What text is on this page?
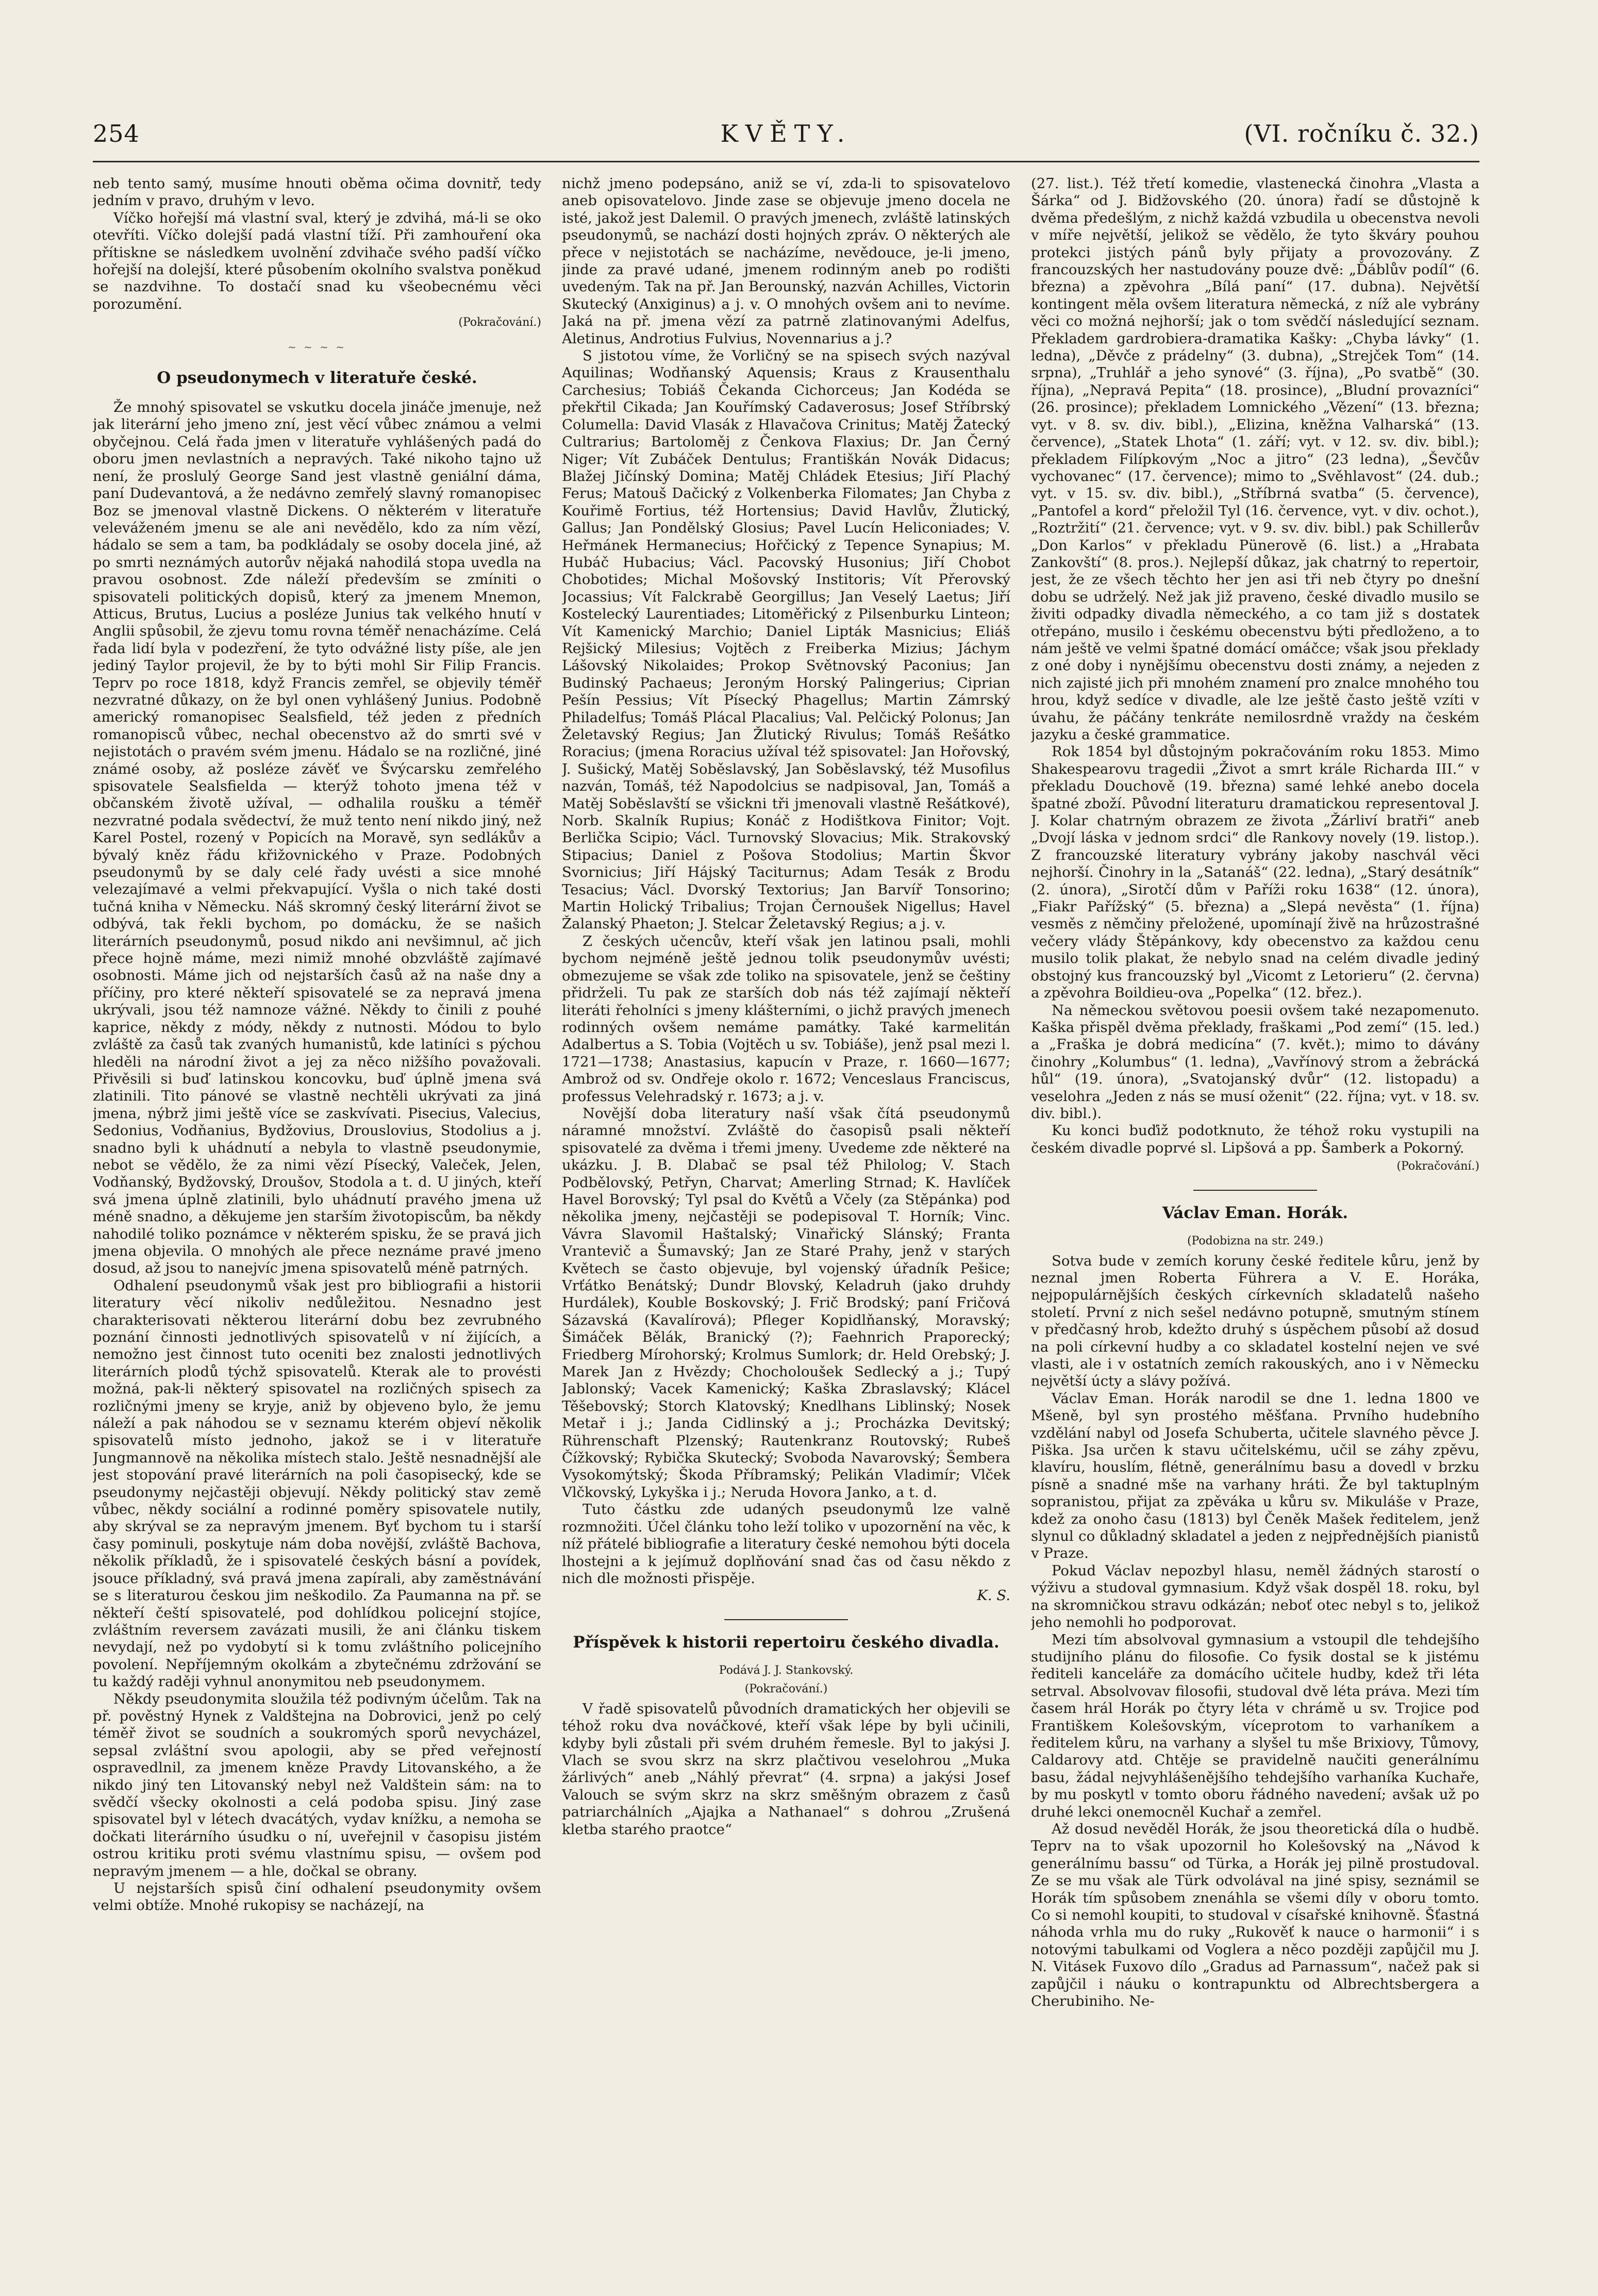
254	KVĚTY.	(VI. ročníku č. 32.)

neb tento samý, musíme hnouti oběma očima dovnitř, tedy jedním v pravo, druhým v levo.

Víčko hořejší má vlastní sval, který je zdvihá, má-li se oko otevříti. Víčko dolejší padá vlastní tíží. Při zamhouření oka přítiskne se následkem uvolnění zdvihače svého padší víčko hořejší na dolejší, které působením okolního svalstva poněkud se nazdvihne. To dostačí snad ku všeobecnému věci porozumění.

(Pokračování.)
~ ~ ~ ~
O pseudonymech v literatuře české.

Že mnohý spisovatel se vskutku docela jináče jmenuje, než jak literární jeho jmeno zní, jest věcí vůbec známou a velmi obyčejnou. Celá řada jmen v literatuře vyhlášených padá do oboru jmen nevlastních a nepravých. Také nikoho tajno už není, že proslulý George Sand jest vlastně geniální dáma, paní Dudevantová, a že nedávno zemřelý slavný romanopisec Boz se jmenoval vlastně Dickens. O některém v literatuře veleváženém jmenu se ale ani nevědělo, kdo za ním vězí, hádalo se sem a tam, ba podkládaly se osoby docela jiné, až po smrti neznámých autorův nějaká nahodilá stopa uvedla na pravou osobnost. Zde náleží především se zmíniti o spisovateli politických dopisů, který za jmenem Mnemon, Atticus, Brutus, Lucius a posléze Junius tak velkého hnutí v Anglii spůsobil, že zjevu tomu rovna téměř nenacházíme. Celá řada lidí byla v podezření, že tyto odvážné listy píše, ale jen jediný Taylor projevil, že by to býti mohl Sir Filip Francis. Teprv po roce 1818, když Francis zemřel, se objevily téměř nezvratné důkazy, on že byl onen vyhlášený Junius. Podobně americký romanopisec Sealsfield, též jeden z předních romanopisců vůbec, nechal obecenstvo až do smrti své v nejistotách o pravém svém jmenu. Hádalo se na rozličné, jiné známé osoby, až posléze závěť ve Švýcarsku zemřelého spisovatele Sealsfielda — kterýž tohoto jmena též v občanském životě užíval, — odhalila roušku a téměř nezvratné podala svědectví, že muž tento není nikdo jiný, než Karel Postel, rozený v Popicích na Moravě, syn sedlákův a bývalý kněz řádu křižovnického v Praze. Podobných pseudonymů by se daly celé řady uvésti a sice mnohé velezajímavé a velmi překvapující. Vyšla o nich také dosti tučná kniha v Německu. Náš skromný český literární život se odbývá, tak řekli bychom, po domácku, že se našich literárních pseudonymů, posud nikdo ani nevšimnul, ač jich přece hojně máme, mezi nimiž mnohé obzvláště zajímavé osobnosti. Máme jich od nejstarších časů až na naše dny a příčiny, pro které někteří spisovatelé se za nepravá jmena ukrývali, jsou též namnoze vážné. Někdy to činili z pouhé kaprice, někdy z módy, někdy z nutnosti. Módou to bylo zvláště za časů tak zvaných humanistů, kde latiníci s pýchou hleděli na národní život a jej za něco nižšího považovali. Přivěsili si buď latinskou koncovku, buď úplně jmena svá zlatinili. Tito pánové se vlastně nechtěli ukrývati za jiná jmena, nýbrž jimi ještě více se zaskvívati. Pisecius, Valecius, Sedonius, Vodňanius, Bydžovius, Drouslovius, Stodolius a j. snadno byli k uhádnutí a nebyla to vlastně pseudonymie, nebot se vědělo, že za nimi vězí Písecký, Valeček, Jelen, Vodňanský, Bydžovský, Droušov, Stodola a t. d. U jiných, kteří svá jmena úplně zlatinili, bylo uhádnutí pravého jmena už méně snadno, a děkujeme jen starším životopiscům, ba někdy nahodilé toliko poznámce v některém spisku, že se pravá jich jmena objevila. O mnohých ale přece neznáme pravé jmeno dosud, až jsou to nanejvíc jmena spisovatelů méně patrných.

Odhalení pseudonymů však jest pro bibliografii a historii literatury věcí nikoliv nedůležitou. Nesnadno jest charakterisovati některou literární dobu bez zevrubného poznání činnosti jednotlivých spisovatelů v ní žijících, a nemožno jest činnost tuto oceniti bez znalosti jednotlivých literárních plodů týchž spisovatelů. Kterak ale to provésti možná, pak-li některý spisovatel na rozličných spisech za rozličnými jmeny se kryje, aniž by objeveno bylo, že jemu náleží a pak náhodou se v seznamu kterém objeví několik spisovatelů místo jednoho, jakož se i v literatuře Jungmannově na několika místech stalo. Ještě nesnadnější ale jest stopování pravé literárních na poli časopisecký, kde se pseudonymy nejčastěji objevují. Někdy politický stav země vůbec, někdy sociální a rodinné poměry spisovatele nutily, aby skrýval se za nepravým jmenem. Byť bychom tu i starší časy pominuli, poskytuje nám doba novější, zvláště Bachova, několik příkladů, že i spisovatelé českých básní a povídek, jsouce příkladný, svá pravá jmena zapírali, aby zaměstnávání se s literaturou českou jim neškodilo. Za Paumanna na př. se někteří čeští spisovatelé, pod dohlídkou policejní stojíce, zvláštním reversem zavázati musili, že ani článku tiskem nevydají, než po vydobytí si k tomu zvláštního policejního povolení. Nepříjemným okolkám a zbytečnému zdržování se tu každý raději vyhnul anonymitou neb pseudonymem.

Někdy pseudonymita sloužila též podivným účelům. Tak na př. pověstný Hynek z Valdštejna na Dobrovici, jenž po celý téměř život se soudních a soukromých sporů nevycházel, sepsal zvláštní svou apologii, aby se před veřejností ospravedlnil, za jmenem kněze Pravdy Litovanského, a že nikdo jiný ten Litovanský nebyl než Valdštein sám: na to svědčí všecky okolnosti a celá podoba spisu. Jiný zase spisovatel byl v létech dvacátých, vydav knížku, a nemoha se dočkati literárního úsudku o ní, uveřejnil v časopisu jistém ostrou kritiku proti svému vlastnímu spisu, — ovšem pod nepravým jmenem — a hle, dočkal se obrany.

U nejstarších spisů činí odhalení pseudonymity ovšem velmi obtíže. Mnohé rukopisy se nacházejí, na

nichž jmeno podepsáno, aniž se ví, zda-li to spisovatelovo aneb opisovatelovo. Jinde zase se objevuje jmeno docela ne isté, jakož jest Dalemil. O pravých jmenech, zvláště latinských pseudonymů, se nachází dosti hojných zpráv. O některých ale přece v nejistotách se nacházíme, nevědouce, je-li jmeno, jinde za pravé udané, jmenem rodinným aneb po rodišti uvedeným. Tak na př. Jan Berounský, nazván Achilles, Victorin Skutecký (Anxiginus) a j. v. O mnohých ovšem ani to nevíme. Jaká na př. jmena vězí za patrně zlatinovanými Adelfus, Aletinus, Androtius Fulvius, Novennarius a j.?

S jistotou víme, že Vorličný se na spisech svých nazýval Aquilinas; Wodňanský Aquensis; Kraus z Krausenthalu Carchesius; Tobiáš Čekanda Cichorceus; Jan Kodéda se překřtil Cikada; Jan Kouřímský Cadaverosus; Josef Stříbrský Columella: David Vlasák z Hlavačova Crinitus; Matěj Žatecký Cultrarius; Bartoloměj z Čenkova Flaxius; Dr. Jan Černý Niger; Vít Zubáček Dentulus; Františkán Novák Didacus; Blažej Jičínský Domina; Matěj Chládek Etesius; Jiří Plachý Ferus; Matouš Dačický z Volkenberka Filomates; Jan Chyba z Kouřimě Fortius, též Hortensius; David Havlův, Žlutický, Gallus; Jan Pondělský Glosius; Pavel Lucín Heliconiades; V. Heřmánek Hermanecius; Hořčický z Tepence Synapius; M. Hubáč Hubacius; Václ. Pacovský Husonius; Jiří Chobot Chobotides; Michal Mošovský Institoris; Vít Přerovský Jocassius; Vít Falckrabě Georgillus; Jan Veselý Laetus; Jiří Kostelecký Laurentiades; Litoměřický z Pilsenburku Linteon; Vít Kamenický Marchio; Daniel Lipták Masnicius; Eliáš Rejšický Milesius; Vojtěch z Freiberka Mizius; Jáchym Lášovský Nikolaides; Prokop Světnovský Paconius; Jan Budinský Pachaeus; Jeroným Horský Palingerius; Ciprian Pešín Pessius; Vít Písecký Phagellus; Martin Zámrský Philadelfus; Tomáš Plácal Placalius; Val. Pelčický Polonus; Jan Želetavský Regius; Jan Žlutický Rivulus; Tomáš Rešátko Roracius; (jmena Roracius užíval též spisovatel: Jan Hořovský, J. Sušický, Matěj Soběslavský, Jan Soběslavský, též Musofilus nazván, Tomáš, též Napodolcius se nadpisoval, Jan, Tomáš a Matěj Soběslavští se všickni tři jmenovali vlastně Rešátkové), Norb. Skalník Rupius; Konáč z Hodištkova Finitor; Vojt. Berlička Scipio; Václ. Turnovský Slovacius; Mik. Strakovský Stipacius; Daniel z Pošova Stodolius; Martin Škvor Svornicius; Jiří Hájský Taciturnus; Adam Tesák z Brodu Tesacius; Václ. Dvorský Textorius; Jan Barvíř Tonsorino; Martin Holický Tribalius; Trojan Černoušek Nigellus; Havel Žalanský Phaeton; J. Stelcar Želetavský Regius; a j. v.

Z českých učencův, kteří však jen latinou psali, mohli bychom nejméně ještě jednou tolik pseudonymův uvésti; obmezujeme se však zde toliko na spisovatele, jenž se češtiny přidrželi. Tu pak ze starších dob nás též zajímají někteří literáti řeholníci s jmeny klášterními, o jichž pravých jmenech rodinných ovšem nemáme památky. Také karmelitán Adalbertus a S. Tobia (Vojtěch u sv. Tobiáše), jenž psal mezi l. 1721—1738; Anastasius, kapucín v Praze, r. 1660—1677; Ambrož od sv. Ondřeje okolo r. 1672; Venceslaus Franciscus, professus Velehradský r. 1673; a j. v.

Novější doba literatury naší však čítá pseudonymů náramné množství. Zvláště do časopisů psali někteří spisovatelé za dvěma i třemi jmeny. Uvedeme zde některé na ukázku. J. B. Dlabač se psal též Philolog; V. Stach Podbělovský, Petřyn, Charvat; Amerling Strnad; K. Havlíček Havel Borovský; Tyl psal do Květů a Včely (za Stěpánka) pod několika jmeny, nejčastěji se podepisoval T. Horník; Vinc. Vávra Slavomil Haštalský; Vinařický Slánský; Franta Vrantevič a Šumavský; Jan ze Staré Prahy, jenž v starých Květech se často objevuje, byl vojenský úřadník Pešice; Vrťátko Benátský; Dundr Blovský, Keladruh (jako druhdy Hurdálek), Kouble Boskovský; J. Frič Brodský; paní Fričová Sázavská (Kavalírová); Pfleger Kopidlňanský, Moravský; Šimáček Bělák, Branický (?); Faehnrich Praporecký; Friedberg Mírohorský; Krolmus Sumlork; dr. Held Orebský; J. Marek Jan z Hvězdy; Chocholoušek Sedlecký a j.; Tupý Jablonský; Vacek Kamenický; Kaška Zbraslavský; Klácel Těšebovský; Storch Klatovský; Knedlhans Liblinský; Nosek Metař i j.; Janda Cidlinský a j.; Procházka Devitský; Rührenschaft Plzenský; Rautenkranz Routovský; Rubeš Čížkovský; Rybička Skutecký; Svoboda Navarovský; Šembera Vysokomýtský; Škoda Příbramský; Pelikán Vladimír; Vlček Vlčkovský, Lykyška i j.; Neruda Hovora Janko, a t. d.

Tuto částku zde udaných pseudonymů lze valně rozmnožiti. Účel článku toho leží toliko v upozornění na věc, k níž přátelé bibliografie a literatury české nemohou býti docela lhostejni a k jejímuž doplňování snad čas od času někdo z nich dle možnosti přispěje.

K. S.
Příspěvek k historii repertoiru českého divadla.
Podává J. J. Stankovský.
(Pokračování.)

V řadě spisovatelů původních dramatických her objevili se téhož roku dva nováčkové, kteří však lépe by byli učinili, kdyby byli zůstali při svém druhém řemesle. Byl to jakýsi J. Vlach se svou skrz na skrz plačtivou veselohrou „Muka žárlivých“ aneb „Náhlý převrat“ (4. srpna) a jakýsi Josef Valouch se svým skrz na skrz směšným obrazem z časů patriarchálních „Ajajka a Nathanael“ s dohrou „Zrušená kletba starého praotce“

(27. list.). Též třetí komedie, vlastenecká činohra „Vlasta a Šárka“ od J. Bidžovského (20. února) řadí se důstojně k dvěma předešlým, z nichž každá vzbudila u obecenstva nevoli v míře největší, jelikož se vědělo, že tyto škváry pouhou protekci jistých pánů byly přijaty a provozovány. Z francouzských her nastudovány pouze dvě: „Ďáblův podíl“ (6. března) a zpěvohra „Bílá paní“ (17. dubna). Největší kontingent měla ovšem literatura německá, z níž ale vybrány věci co možná nejhorší; jak o tom svědčí následující seznam. Překladem gardrobiera-dramatika Kašky: „Chyba lávky“ (1. ledna), „Děvče z prádelny“ (3. dubna), „Strejček Tom“ (14. srpna), „Truhlář a jeho synové“ (3. října), „Po svatbě“ (30. října), „Nepravá Pepita“ (18. prosince), „Bludní provazníci“ (26. prosince); překladem Lomnického „Vězení“ (13. března; vyt. v 8. sv. div. bibl.), „Elizina, kněžna Valharská“ (13. července), „Statek Lhota“ (1. září; vyt. v 12. sv. div. bibl.); překladem Filípkovým „Noc a jitro“ (23 ledna), „Ševčův vychovanec“ (17. července); mimo to „Svěhlavost“ (24. dub.; vyt. v 15. sv. div. bibl.), „Stříbrná svatba“ (5. července), „Pantofel a kord“ přeložil Tyl (16. července, vyt. v div. ochot.), „Roztržití“ (21. července; vyt. v 9. sv. div. bibl.) pak Schillerův „Don Karlos“ v překladu Pünerově (6. list.) a „Hrabata Zankovští“ (8. pros.). Nejlepší důkaz, jak chatrný to repertoir, jest, že ze všech těchto her jen asi tři neb čtyry po dnešní dobu se udrželý. Než jak již praveno, české divadlo musilo se živiti odpadky divadla německého, a co tam již s dostatek otřepáno, musilo i českému obecenstvu býti předloženo, a to nám ještě ve velmi špatné domácí omáčce; však jsou překlady z oné doby i nynějšímu obecenstvu dosti známy, a nejeden z nich zajisté jich při mnohém znamení pro znalce mnohého tou hrou, když sedíce v divadle, ale lze ještě často ještě vzíti v úvahu, že páčány tenkráte nemilosrdně vraždy na českém jazyku a české grammatice.

Rok 1854 byl důstojným pokračováním roku 1853. Mimo Shakespearovu tragedii „Život a smrt krále Richarda III.“ v překladu Douchově (19. března) samé lehké anebo docela špatné zboží. Původní literaturu dramatickou representoval J. J. Kolar chatrným obrazem ze života „Žárliví bratři“ aneb „Dvojí láska v jednom srdci“ dle Rankovy novely (19. listop.). Z francouzské literatury vybrány jakoby naschvál věci nejhorší. Činohry in la „Satanáš“ (22. ledna), „Starý desátník“ (2. února), „Sirotčí dům v Paříži roku 1638“ (12. února), „Fiakr Pařížský“ (5. března) a „Slepá nevěsta“ (1. října) vesměs z němčiny přeložené, upomínají živě na hrůzostrašné večery vlády Štěpánkovy, kdy obecenstvo za každou cenu musilo tolik plakat, že nebylo snad na celém divadle jediný obstojný kus francouzský byl „Vicomt z Letorieru“ (2. června) a zpěvohra Boildieu-ova „Popelka“ (12. břez.).

Na německou světovou poesii ovšem také nezapomenuto. Kaška přispěl dvěma překlady, fraškami „Pod zemí“ (15. led.) a „Fraška je dobrá medicína“ (7. květ.); mimo to dávány činohry „Kolumbus“ (1. ledna), „Vavřínový strom a žebrácká hůl“ (19. února), „Svatojanský dvůr“ (12. listopadu) a veselohra „Jeden z nás se musí oženit“ (22. října; vyt. v 18. sv. div. bibl.).

Ku konci buďiž podotknuto, že téhož roku vystupili na českém divadle poprvé sl. Lipšová a pp. Šamberk a Pokorný.

(Pokračování.)
Václav Eman. Horák.
(Podobizna na str. 249.)

Sotva bude v zemích koruny české ředitele kůru, jenž by neznal jmen Roberta Führera a V. E. Horáka, nejpopulárnějších českých církevních skladatelů našeho století. První z nich sešel nedávno potupně, smutným stínem v předčasný hrob, kdežto druhý s úspěchem působí až dosud na poli církevní hudby a co skladatel kostelní nejen ve své vlasti, ale i v ostatních zemích rakouských, ano i v Německu největší úcty a slávy požívá.

Václav Eman. Horák narodil se dne 1. ledna 1800 ve Mšeně, byl syn prostého měšťana. Prvního hudebního vzdělání nabyl od Josefa Schuberta, učitele slavného pěvce J. Piška. Jsa určen k stavu učitelskému, učil se záhy zpěvu, klavíru, houslím, flétně, generálnímu basu a dovedl v brzku písně a snadné mše na varhany hráti. Že byl taktuplným sopranistou, přijat za zpěváka u kůru sv. Mikuláše v Praze, kdež za onoho času (1813) byl Čeněk Mašek ředitelem, jenž slynul co důkladný skladatel a jeden z nejpřednějších pianistů v Praze.

Pokud Václav nepozbyl hlasu, neměl žádných starostí o výživu a studoval gymnasium. Když však dospěl 18. roku, byl na skromničkou stravu odkázán; neboť otec nebyl s to, jelikož jeho nemohli ho podporovat.

Mezi tím absolvoval gymnasium a vstoupil dle tehdejšího studijního plánu do filosofie. Co fysik dostal se k jistému řediteli kanceláře za domácího učitele hudby, kdež tři léta setrval. Absolvovav filosofii, studoval dvě léta práva. Mezi tím časem hrál Horák po čtyry léta v chrámě u sv. Trojice pod Františkem Kolešovským, víceprotom to varhaníkem a ředitelem kůru, na varhany a slyšel tu mše Brixiovy, Tůmovy, Caldarovy atd. Chtěje se pravidelně naučiti generálnímu basu, žádal nejvyhlášenějšího tehdejšího varhaníka Kuchaře, by mu poskytl v tomto oboru řádného navedení; avšak už po druhé lekci onemocněl Kuchař a zemřel.

Až dosud nevěděl Horák, že jsou theoretická díla o hudbě. Teprv na to však upozornil ho Kolešovský na „Návod k generálnímu bassu“ od Türka, a Horák jej pilně prostudoval. Ze se mu však ale Türk odvolával na jiné spisy, seznámil se Horák tím spůsobem znenáhla se všemi díly v oboru tomto. Co si nemohl koupiti, to studoval v císařské knihovně. Šťastná náhoda vrhla mu do ruky „Rukověť k nauce o harmonii“ i s notovými tabulkami od Voglera a něco později zapůjčil mu J. N. Vitásek Fuxovo dílo „Gradus ad Parnassum“, načež pak si zapůjčil i náuku o kontrapunktu od Albrechtsbergera a Cherubiniho. Ne-
